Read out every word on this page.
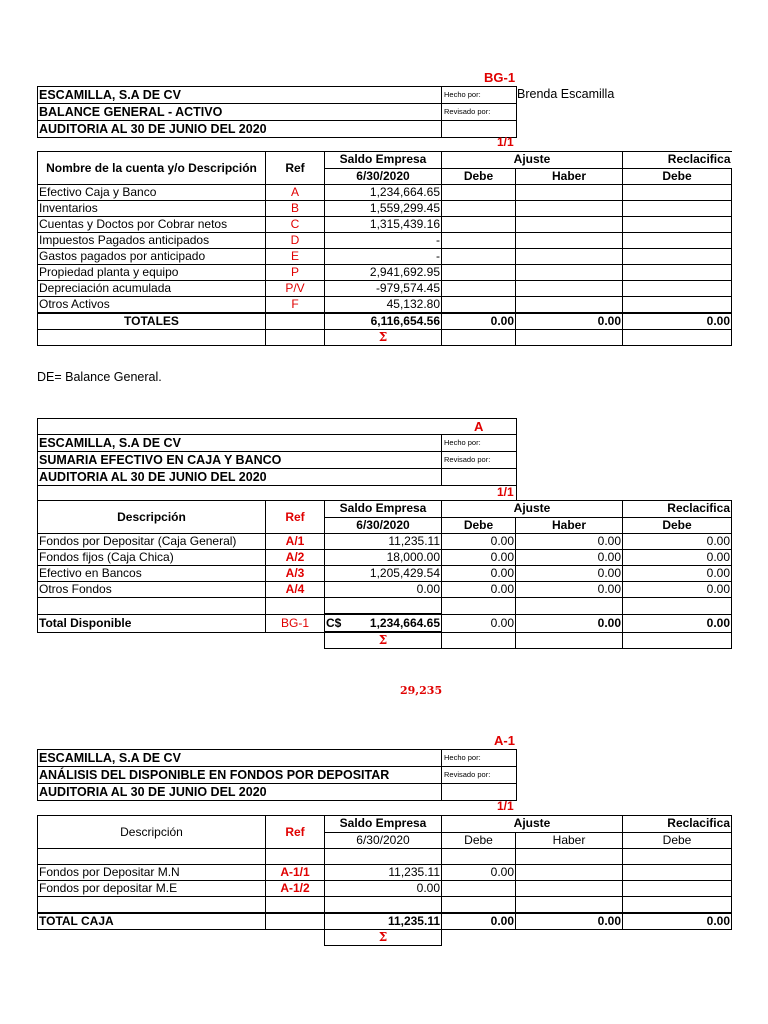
BG-1
ESCAMILLA, S.A DE CV	Hecho por:
BALANCE GENERAL - ACTIVO	Revisado por:
AUDITORIA AL 30 DE JUNIO DEL 2020
Brenda Escamilla
1/1
Nombre de la cuenta y/o Descripción	Ref	Saldo Empresa	Ajuste		Reclacifica
		6/30/2020	Debe	Haber	Debe
Efectivo Caja y Banco	A	1,234,664.65			
Inventarios	B	1,559,299.45			
Cuentas y Doctos por Cobrar netos	C	1,315,439.16			
Impuestos Pagados anticipados	D	-			
Gastos pagados por anticipado	E	-			
Propiedad planta y equipo	P	2,941,692.95			
Depreciación acumulada	P/V	-979,574.45			
Otros Activos	F	45,132.80			
TOTALES		6,116,654.56	0.00	0.00	0.00
		Σ			
DE= Balance General.
A
ESCAMILLA, S.A DE CV	Hecho por:
SUMARIA EFECTIVO EN CAJA Y BANCO	Revisado por:
AUDITORIA AL 30 DE JUNIO DEL 2020
1/1
Descripción	Ref	Saldo Empresa	Ajuste		Reclacifica
		6/30/2020	Debe	Haber	Debe
Fondos por Depositar (Caja General)	A/1	11,235.11	0.00	0.00	0.00
Fondos fijos (Caja Chica)	A/2	18,000.00	0.00	0.00	0.00
Efectivo en Bancos	A/3	1,205,429.54	0.00	0.00	0.00
Otros Fondos	A/4	0.00	0.00	0.00	0.00

Total Disponible	BG-1	C$ 1,234,664.65	0.00	0.00	0.00
		Σ			
29,235
A-1
ESCAMILLA, S.A DE CV	Hecho por:
ANÁLISIS DEL DISPONIBLE EN FONDOS POR DEPOSITAR	Revisado por:
AUDITORIA AL 30 DE JUNIO DEL 2020
1/1
Descripción	Ref	Saldo Empresa	Ajuste		Reclacifica
		6/30/2020	Debe	Haber	Debe

Fondos por Depositar M.N	A-1/1	11,235.11	0.00		
Fondos por depositar M.E	A-1/2	0.00			

TOTAL CAJA		11,235.11	0.00	0.00	0.00
		Σ			
